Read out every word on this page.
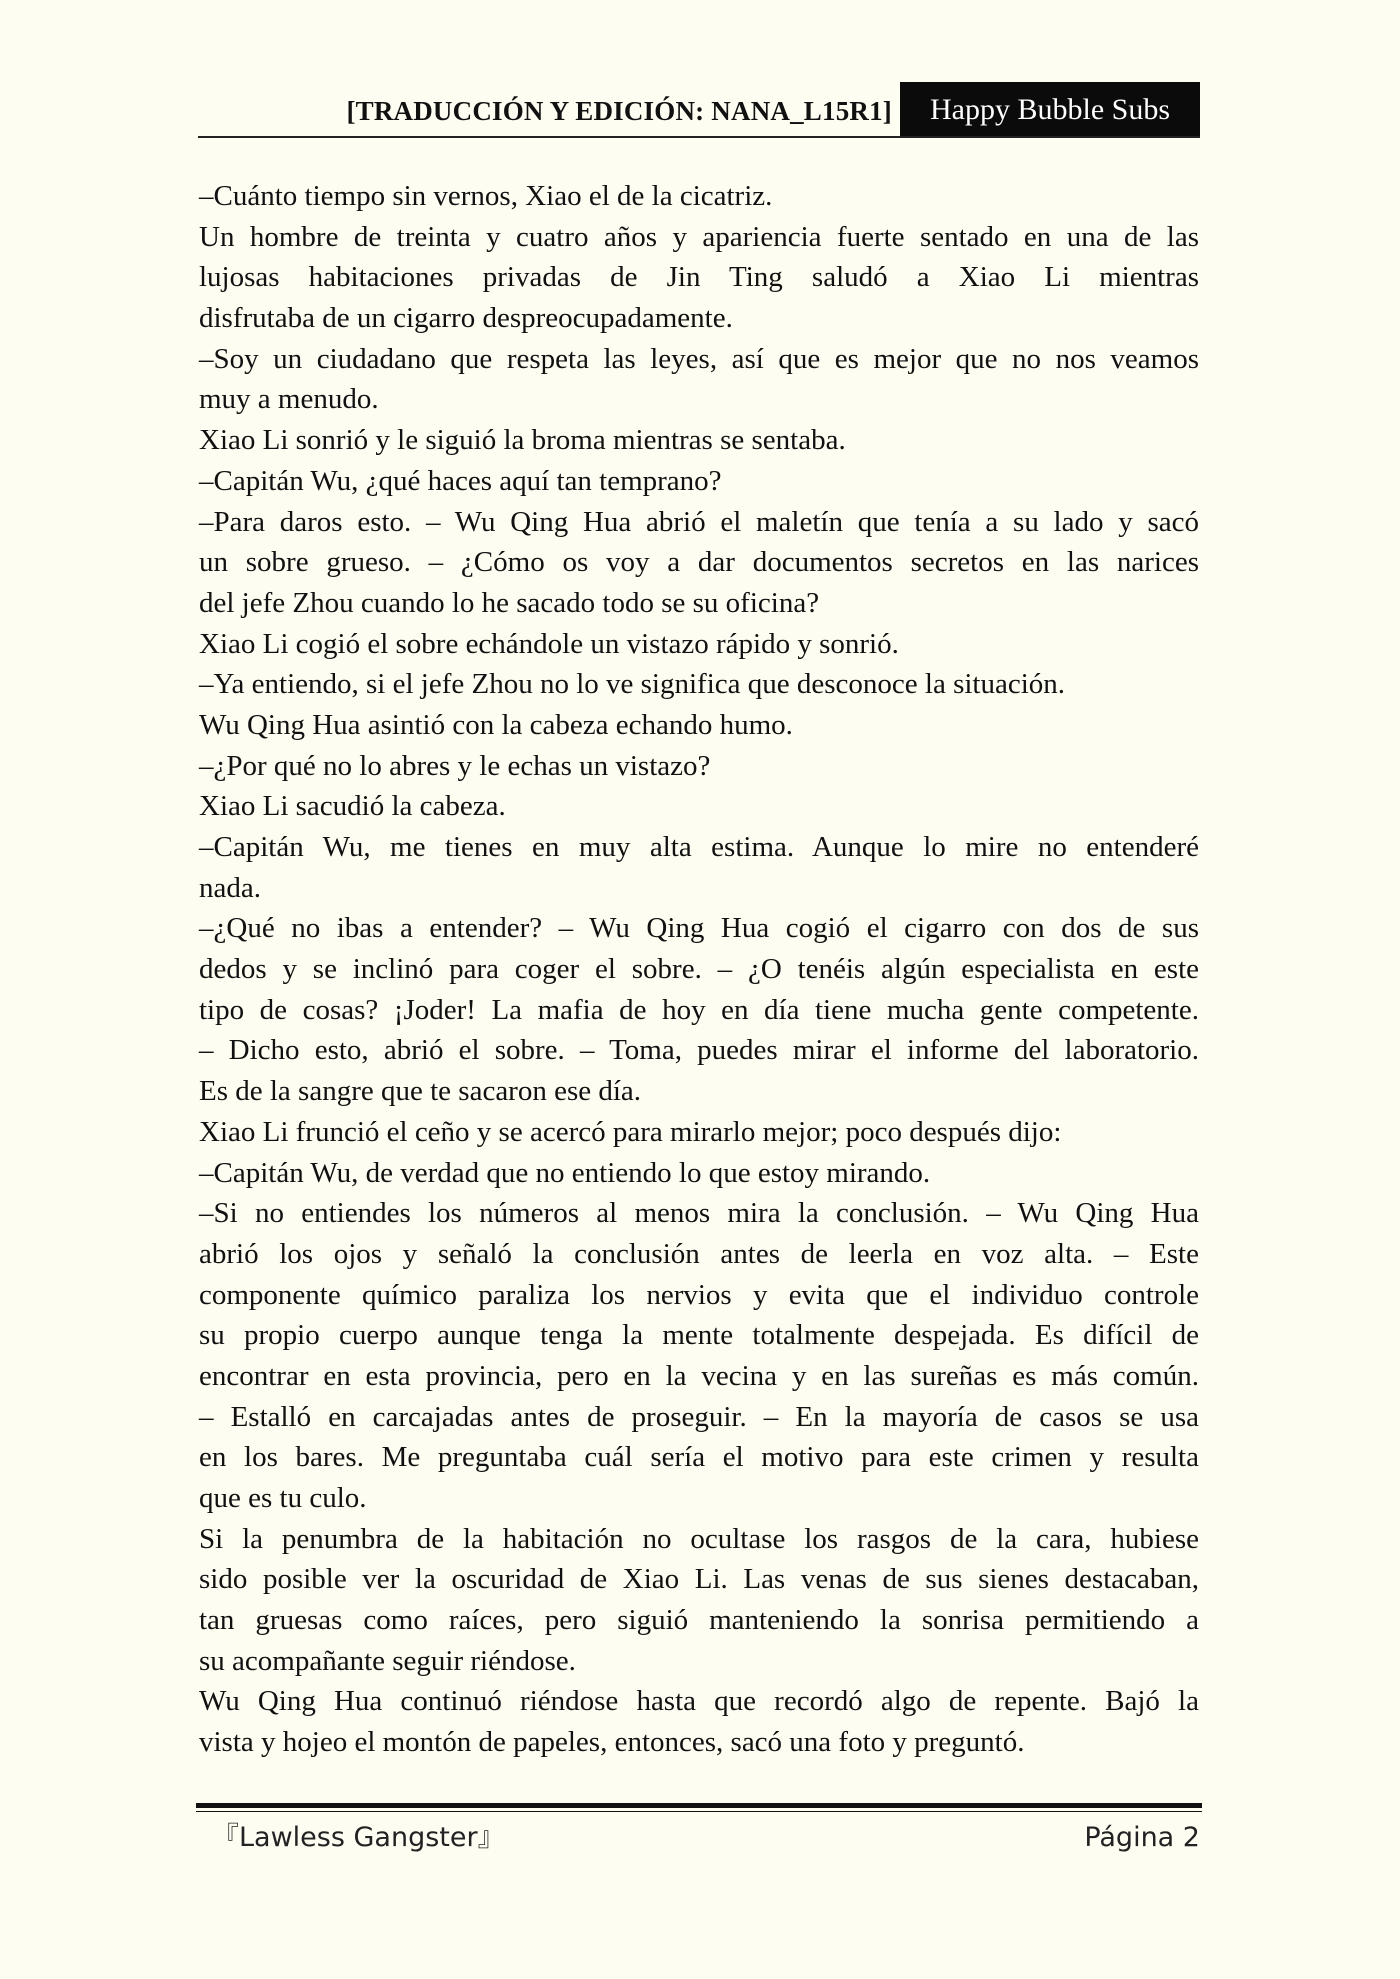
[TRADUCCIÓN Y EDICIÓN: NANA_L15R1]	Happy Bubble Subs
–Cuánto tiempo sin vernos, Xiao el de la cicatriz.
Un hombre de treinta y cuatro años y apariencia fuerte sentado en una de las
lujosas habitaciones privadas de Jin Ting saludó a Xiao Li mientras
disfrutaba de un cigarro despreocupadamente.
–Soy un ciudadano que respeta las leyes, así que es mejor que no nos veamos
muy a menudo.
Xiao Li sonrió y le siguió la broma mientras se sentaba.
–Capitán Wu, ¿qué haces aquí tan temprano?
–Para daros esto. – Wu Qing Hua abrió el maletín que tenía a su lado y sacó
un sobre grueso. – ¿Cómo os voy a dar documentos secretos en las narices
del jefe Zhou cuando lo he sacado todo se su oficina?
Xiao Li cogió el sobre echándole un vistazo rápido y sonrió.
–Ya entiendo, si el jefe Zhou no lo ve significa que desconoce la situación.
Wu Qing Hua asintió con la cabeza echando humo.
–¿Por qué no lo abres y le echas un vistazo?
Xiao Li sacudió la cabeza.
–Capitán Wu, me tienes en muy alta estima. Aunque lo mire no entenderé
nada.
–¿Qué no ibas a entender? – Wu Qing Hua cogió el cigarro con dos de sus
dedos y se inclinó para coger el sobre. – ¿O tenéis algún especialista en este
tipo de cosas? ¡Joder! La mafia de hoy en día tiene mucha gente competente.
– Dicho esto, abrió el sobre. – Toma, puedes mirar el informe del laboratorio.
Es de la sangre que te sacaron ese día.
Xiao Li frunció el ceño y se acercó para mirarlo mejor; poco después dijo:
–Capitán Wu, de verdad que no entiendo lo que estoy mirando.
–Si no entiendes los números al menos mira la conclusión. – Wu Qing Hua
abrió los ojos y señaló la conclusión antes de leerla en voz alta. – Este
componente químico paraliza los nervios y evita que el individuo controle
su propio cuerpo aunque tenga la mente totalmente despejada. Es difícil de
encontrar en esta provincia, pero en la vecina y en las sureñas es más común.
– Estalló en carcajadas antes de proseguir. – En la mayoría de casos se usa
en los bares. Me preguntaba cuál sería el motivo para este crimen y resulta
que es tu culo.
Si la penumbra de la habitación no ocultase los rasgos de la cara, hubiese
sido posible ver la oscuridad de Xiao Li. Las venas de sus sienes destacaban,
tan gruesas como raíces, pero siguió manteniendo la sonrisa permitiendo a
su acompañante seguir riéndose.
Wu Qing Hua continuó riéndose hasta que recordó algo de repente. Bajó la
vista y hojeo el montón de papeles, entonces, sacó una foto y preguntó.
『Lawless Gangster』	Página 2
